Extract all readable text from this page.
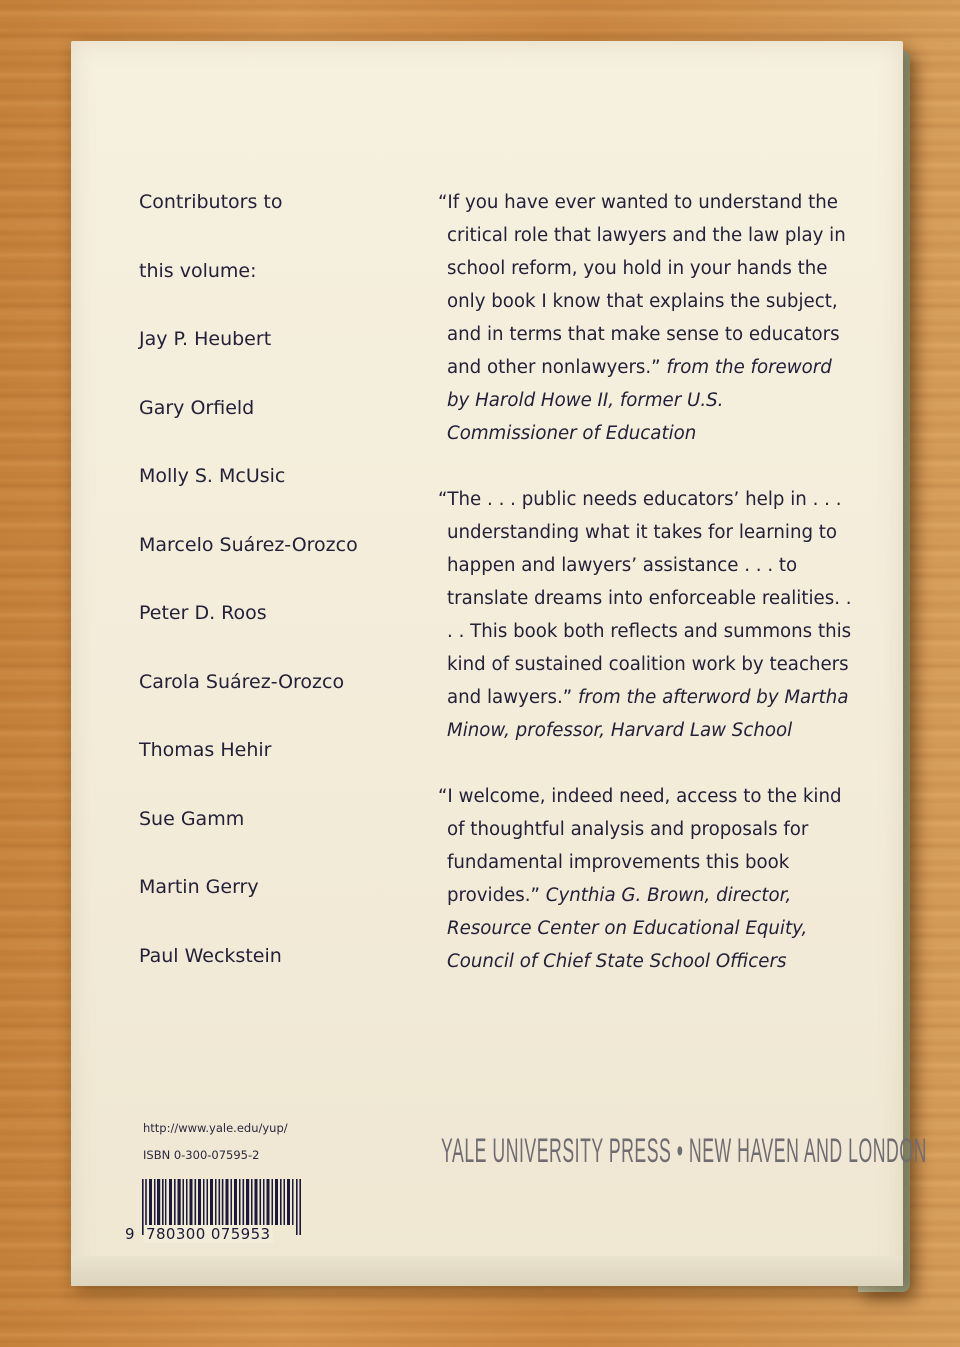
Contributors to
this volume:
Jay P. Heubert
Gary Orfield
Molly S. McUsic
Marcelo Suárez-Orozco
Peter D. Roos
Carola Suárez-Orozco
Thomas Hehir
Sue Gamm
Martin Gerry
Paul Weckstein

“If you have ever wanted to understand the critical role that lawyers and the law play in school reform, you hold in your hands the only book I know that explains the subject, and in terms that make sense to educators and other nonlawyers.” from the foreword by Harold Howe II, former U.S. Commissioner of Education

“The . . . public needs educators’ help in . . . understanding what it takes for learning to happen and lawyers’ assistance . . . to translate dreams into enforceable realities. . . . This book both reflects and summons this kind of sustained coalition work by teachers and lawyers.” from the afterword by Martha Minow, professor, Harvard Law School

“I welcome, indeed need, access to the kind of thoughtful analysis and proposals for fundamental improvements this book provides.” Cynthia G. Brown, director, Resource Center on Educational Equity, Council of Chief State School Officers

http://www.yale.edu/yup/
ISBN 0-300-07595-2
9 780300 075953
YALE UNIVERSITY PRESS • NEW HAVEN AND LONDON
